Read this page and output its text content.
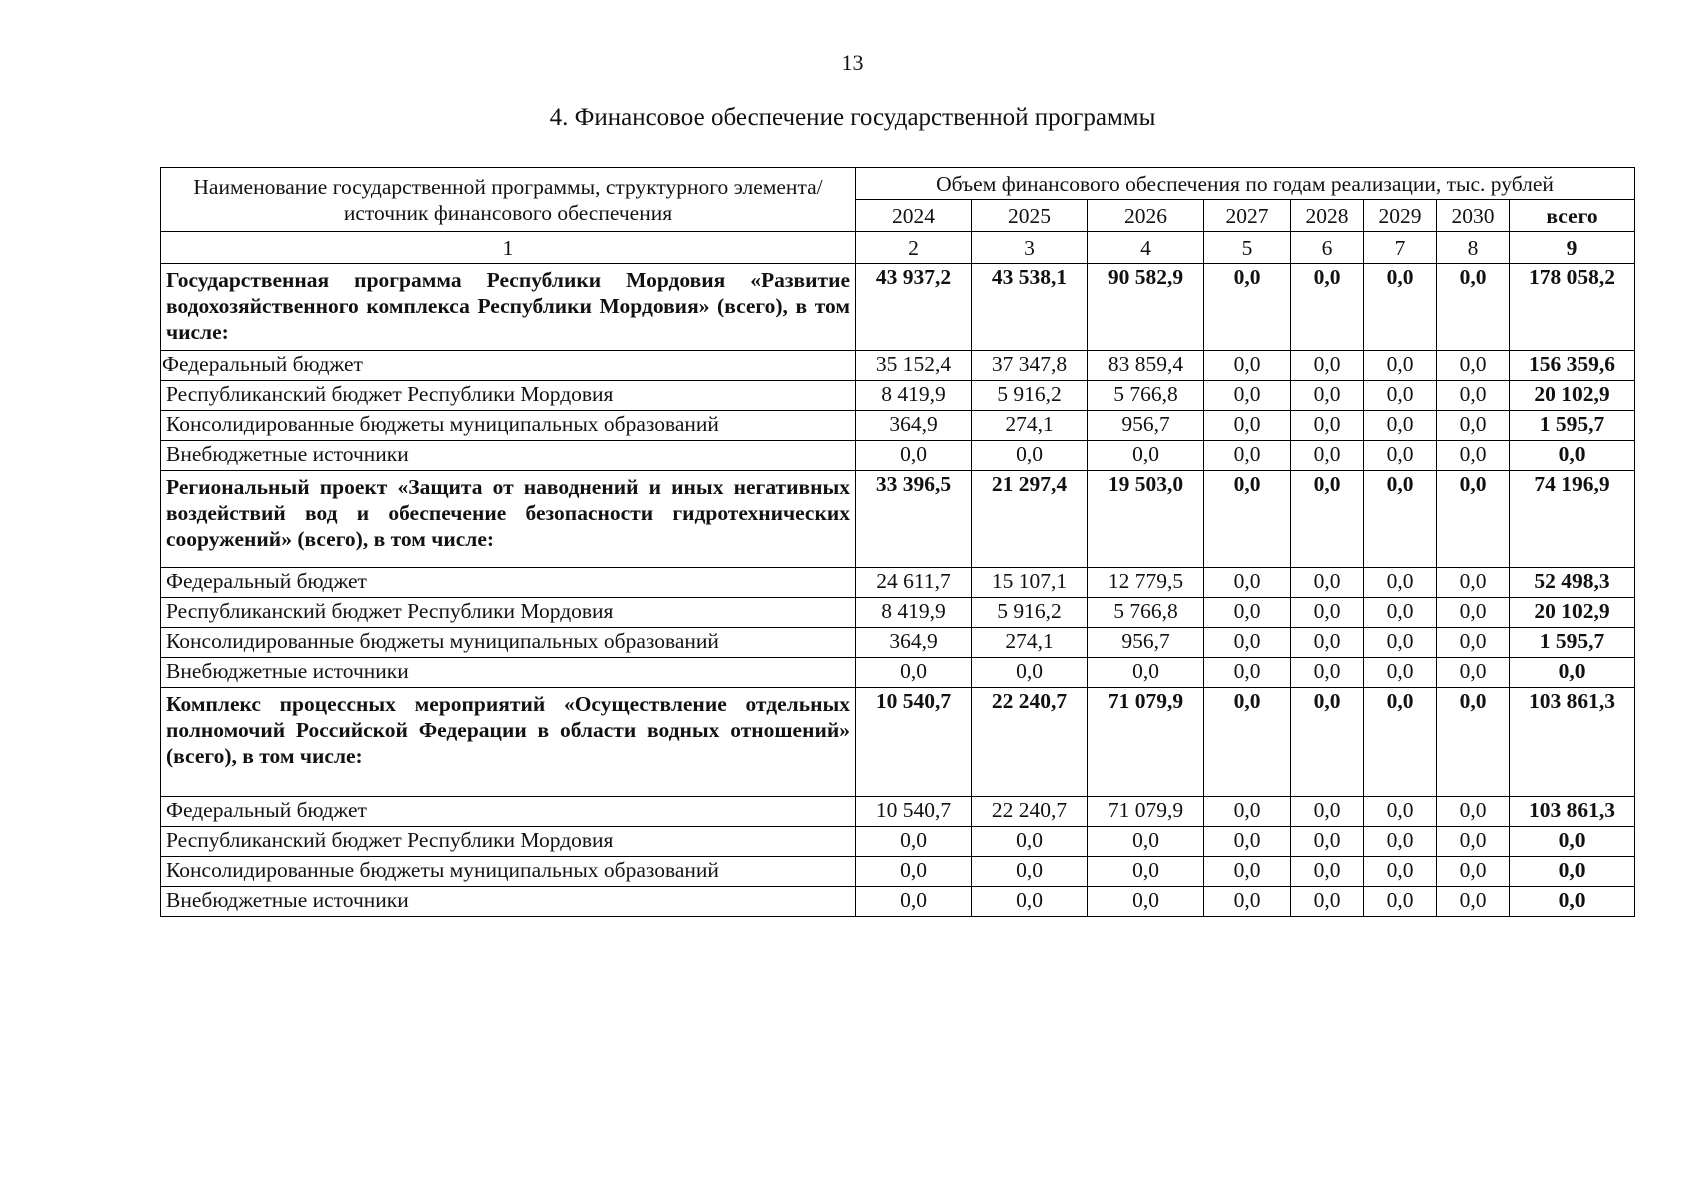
13
4. Финансовое обеспечение государственной программы
Наименование государственной программы, структурного элемента/источник финансового обеспечения	Объем финансового обеспечения по годам реализации, тыс. рублей							
	2024	2025	2026	2027	2028	2029	2030	всего
1	2	3	4	5	6	7	8	9
Государственная программа Республики Мордовия «Развитие водохозяйственного комплекса Республики Мордовия» (всего), в том числе:	43 937,2	43 538,1	90 582,9	0,0	0,0	0,0	0,0	178 058,2
Федеральный бюджет	35 152,4	37 347,8	83 859,4	0,0	0,0	0,0	0,0	156 359,6
Республиканский бюджет Республики Мордовия	8 419,9	5 916,2	5 766,8	0,0	0,0	0,0	0,0	20 102,9
Консолидированные бюджеты муниципальных образований	364,9	274,1	956,7	0,0	0,0	0,0	0,0	1 595,7
Внебюджетные источники	0,0	0,0	0,0	0,0	0,0	0,0	0,0	0,0
Региональный проект «Защита от наводнений и иных негативных воздействий вод и обеспечение безопасности гидротехнических сооружений» (всего), в том числе:	33 396,5	21 297,4	19 503,0	0,0	0,0	0,0	0,0	74 196,9
Федеральный бюджет	24 611,7	15 107,1	12 779,5	0,0	0,0	0,0	0,0	52 498,3
Республиканский бюджет Республики Мордовия	8 419,9	5 916,2	5 766,8	0,0	0,0	0,0	0,0	20 102,9
Консолидированные бюджеты муниципальных образований	364,9	274,1	956,7	0,0	0,0	0,0	0,0	1 595,7
Внебюджетные источники	0,0	0,0	0,0	0,0	0,0	0,0	0,0	0,0
Комплекс процессных мероприятий «Осуществление отдельных полномочий Российской Федерации в области водных отношений» (всего), в том числе:	10 540,7	22 240,7	71 079,9	0,0	0,0	0,0	0,0	103 861,3
Федеральный бюджет	10 540,7	22 240,7	71 079,9	0,0	0,0	0,0	0,0	103 861,3
Республиканский бюджет Республики Мордовия	0,0	0,0	0,0	0,0	0,0	0,0	0,0	0,0
Консолидированные бюджеты муниципальных образований	0,0	0,0	0,0	0,0	0,0	0,0	0,0	0,0
Внебюджетные источники	0,0	0,0	0,0	0,0	0,0	0,0	0,0	0,0
